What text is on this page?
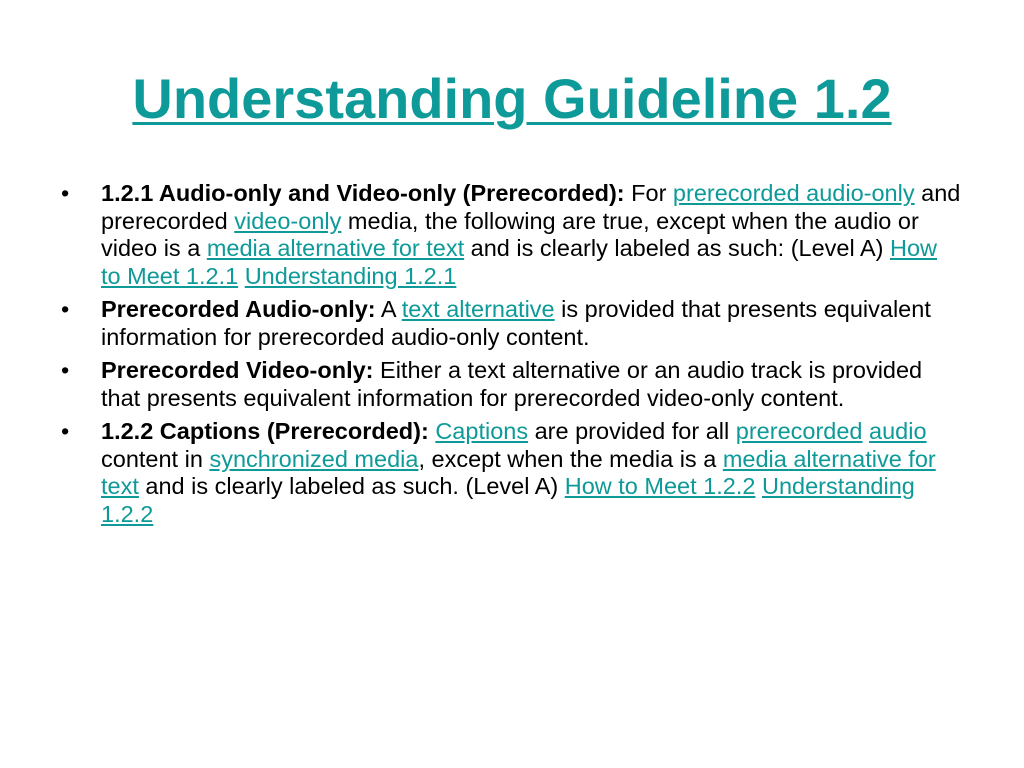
Understanding Guideline 1.2
• 1.2.1 Audio-only and Video-only (Prerecorded): For prerecorded audio-only and prerecorded video-only media, the following are true, except when the audio or video is a media alternative for text and is clearly labeled as such: (Level A) How to Meet 1.2.1 Understanding 1.2.1
• Prerecorded Audio-only: A text alternative is provided that presents equivalent information for prerecorded audio-only content.
• Prerecorded Video-only: Either a text alternative or an audio track is provided that presents equivalent information for prerecorded video-only content.
• 1.2.2 Captions (Prerecorded): Captions are provided for all prerecorded audio content in synchronized media, except when the media is a media alternative for text and is clearly labeled as such. (Level A) How to Meet 1.2.2 Understanding 1.2.2
